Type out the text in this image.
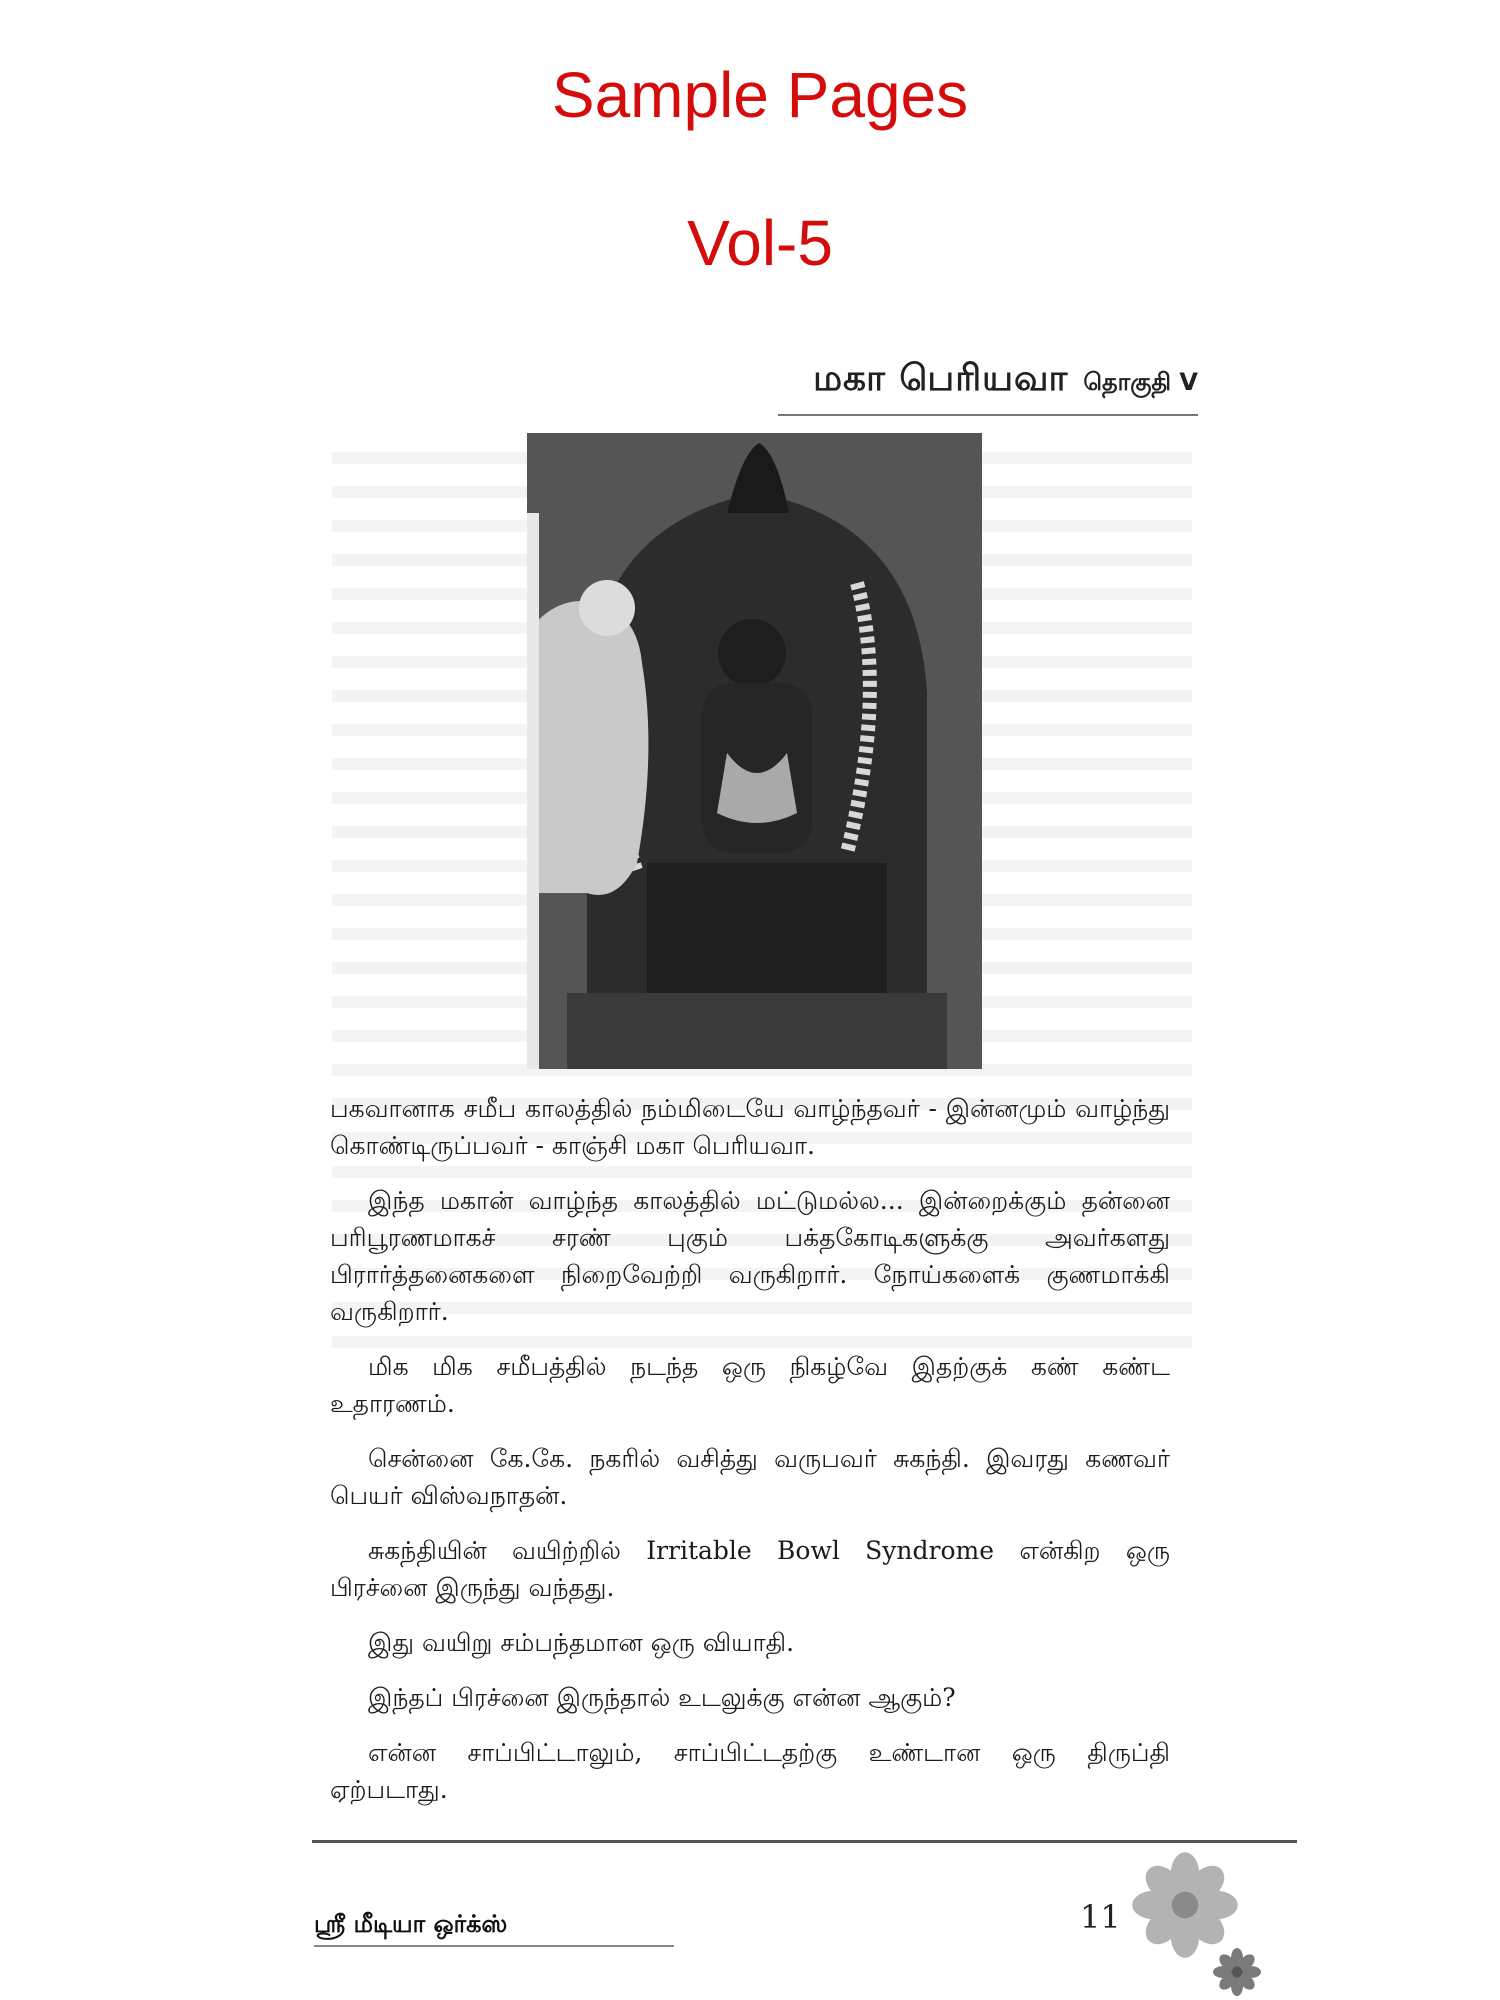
Sample Pages
Vol-5
மகா பெரியவா தொகுதி V

பகவானாக சமீப காலத்தில் நம்மிடையே வாழ்ந்தவர் - இன்னமும் வாழ்ந்து கொண்டிருப்பவர் - காஞ்சி மகா பெரியவா.

இந்த மகான் வாழ்ந்த காலத்தில் மட்டுமல்ல... இன்றைக்கும் தன்னை பரிபூரணமாகச் சரண் புகும் பக்தகோடிகளுக்கு அவர்களது பிரார்த்தனைகளை நிறைவேற்றி வருகிறார். நோய்களைக் குணமாக்கி வருகிறார்.

மிக மிக சமீபத்தில் நடந்த ஒரு நிகழ்வே இதற்குக் கண் கண்ட உதாரணம்.

சென்னை கே.கே. நகரில் வசித்து வருபவர் சுகந்தி. இவரது கணவர் பெயர் விஸ்வநாதன்.

சுகந்தியின் வயிற்றில் Irritable Bowl Syndrome என்கிற ஒரு பிரச்னை இருந்து வந்தது.

இது வயிறு சம்பந்தமான ஒரு வியாதி.

இந்தப் பிரச்னை இருந்தால் உடலுக்கு என்ன ஆகும்?

என்ன சாப்பிட்டாலும், சாப்பிட்டதற்கு உண்டான ஒரு திருப்தி ஏற்படாது.

ஸ்ரீ மீடியா ஒர்க்ஸ்	11
